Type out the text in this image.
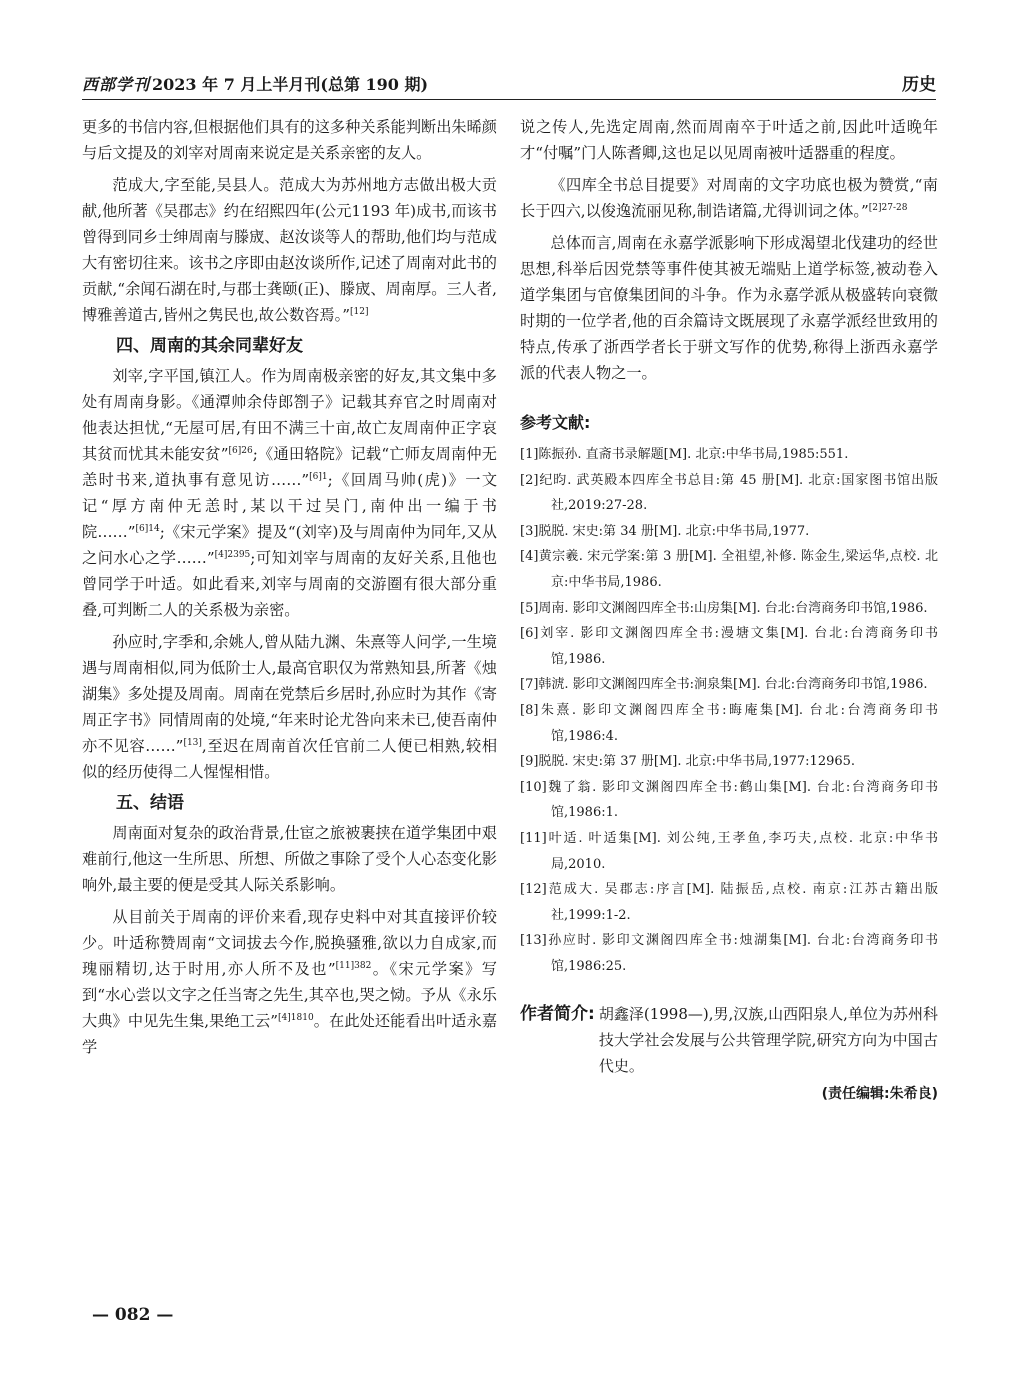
西部学刊 2023 年 7 月上半月刊(总第 190 期)	历史

更多的书信内容,但根据他们具有的这多种关系能判断出朱晞颜与后文提及的刘宰对周南来说定是关系亲密的友人。

范成大,字至能,吴县人。范成大为苏州地方志做出极大贡献,他所著《吴郡志》约在绍熙四年(公元1193 年)成书,而该书曾得到同乡士绅周南与滕宬、赵汝谈等人的帮助,他们均与范成大有密切往来。该书之序即由赵汝谈所作,记述了周南对此书的贡献,“余闻石湖在时,与郡士龚颐(正)、滕宬、周南厚。三人者,博雅善道古,皆州之隽民也,故公数咨焉。”[12]

四、周南的其余同辈好友

刘宰,字平国,镇江人。作为周南极亲密的好友,其文集中多处有周南身影。《通潭帅余侍郎劄子》记载其弃官之时周南对他表达担忧,“无屋可居,有田不满三十亩,故亡友周南仲正字哀其贫而忧其未能安贫”$^{[6]26}$;《通田辂院》记载“亡师友周南仲无恙时书来,道执事有意见访……”$^{[6]1}$;《回周马帅(虎)》一文记“厚方南仲无恙时,某以干过吴门,南仲出一编于书院……”$^{[6]14}$;《宋元学案》提及“(刘宰)及与周南仲为同年,又从之问水心之学……”$^{[4]2395}$;可知刘宰与周南的友好关系,且他也曾同学于叶适。如此看来,刘宰与周南的交游圈有很大部分重叠,可判断二人的关系极为亲密。

孙应时,字季和,余姚人,曾从陆九渊、朱熹等人问学,一生境遇与周南相似,同为低阶士人,最高官职仅为常熟知县,所著《烛湖集》多处提及周南。周南在党禁后乡居时,孙应时为其作《寄周正字书》同情周南的处境,“年来时论尤咎向来未已,使吾南仲亦不见容……”[13],至迟在周南首次任官前二人便已相熟,较相似的经历使得二人惺惺相惜。

五、结语

周南面对复杂的政治背景,仕宦之旅被裹挟在道学集团中艰难前行,他这一生所思、所想、所做之事除了受个人心态变化影响外,最主要的便是受其人际关系影响。

从目前关于周南的评价来看,现存史料中对其直接评价较少。叶适称赞周南“文词拔去今作,脱换骚雅,欲以力自成家,而瑰丽精切,达于时用,亦人所不及也”$^{[11]382}$。《宋元学案》写到“水心尝以文字之任当寄之先生,其卒也,哭之恸。予从《永乐大典》中见先生集,果绝工云”$^{[4]1810}$。在此处还能看出叶适永嘉学

说之传人,先选定周南,然而周南卒于叶适之前,因此叶适晚年才“付嘱”门人陈耆卿,这也足以见周南被叶适器重的程度。

《四库全书总目提要》对周南的文字功底也极为赞赏,“南长于四六,以俊逸流丽见称,制诰诸篇,尤得训词之体。”$^{[2]27-28}$

总体而言,周南在永嘉学派影响下形成渴望北伐建功的经世思想,科举后因党禁等事件使其被无端贴上道学标签,被动卷入道学集团与官僚集团间的斗争。作为永嘉学派从极盛转向衰微时期的一位学者,他的百余篇诗文既展现了永嘉学派经世致用的特点,传承了浙西学者长于骈文写作的优势,称得上浙西永嘉学派的代表人物之一。

参考文献:
[1]陈振孙. 直斋书录解题[M]. 北京:中华书局,1985:551.
[2]纪昀. 武英殿本四库全书总目:第 45 册[M]. 北京:国家图书馆出版社,2019:27-28.
[3]脱脱. 宋史:第 34 册[M]. 北京:中华书局,1977.
[4]黄宗羲. 宋元学案:第 3 册[M]. 全祖望,补修. 陈金生,梁运华,点校. 北京:中华书局,1986.
[5]周南. 影印文渊阁四库全书:山房集[M]. 台北:台湾商务印书馆,1986.
[6]刘宰. 影印文渊阁四库全书:漫塘文集[M]. 台北:台湾商务印书馆,1986.
[7]韩淲. 影印文渊阁四库全书:涧泉集[M]. 台北:台湾商务印书馆,1986.
[8]朱熹. 影印文渊阁四库全书:晦庵集[M]. 台北:台湾商务印书馆,1986:4.
[9]脱脱. 宋史:第 37 册[M]. 北京:中华书局,1977:12965.
[10]魏了翁. 影印文渊阁四库全书:鹤山集[M]. 台北:台湾商务印书馆,1986:1.
[11]叶适. 叶适集[M]. 刘公纯,王孝鱼,李巧夫,点校. 北京:中华书局,2010.
[12]范成大. 吴郡志:序言[M]. 陆振岳,点校. 南京:江苏古籍出版社,1999:1-2.
[13]孙应时. 影印文渊阁四库全书:烛湖集[M]. 台北:台湾商务印书馆,1986:25.
作者简介: 胡鑫泽(1998—),男,汉族,山西阳泉人,单位为苏州科技大学社会发展与公共管理学院,研究方向为中国古代史。
(责任编辑:朱希良)
— 082 —
